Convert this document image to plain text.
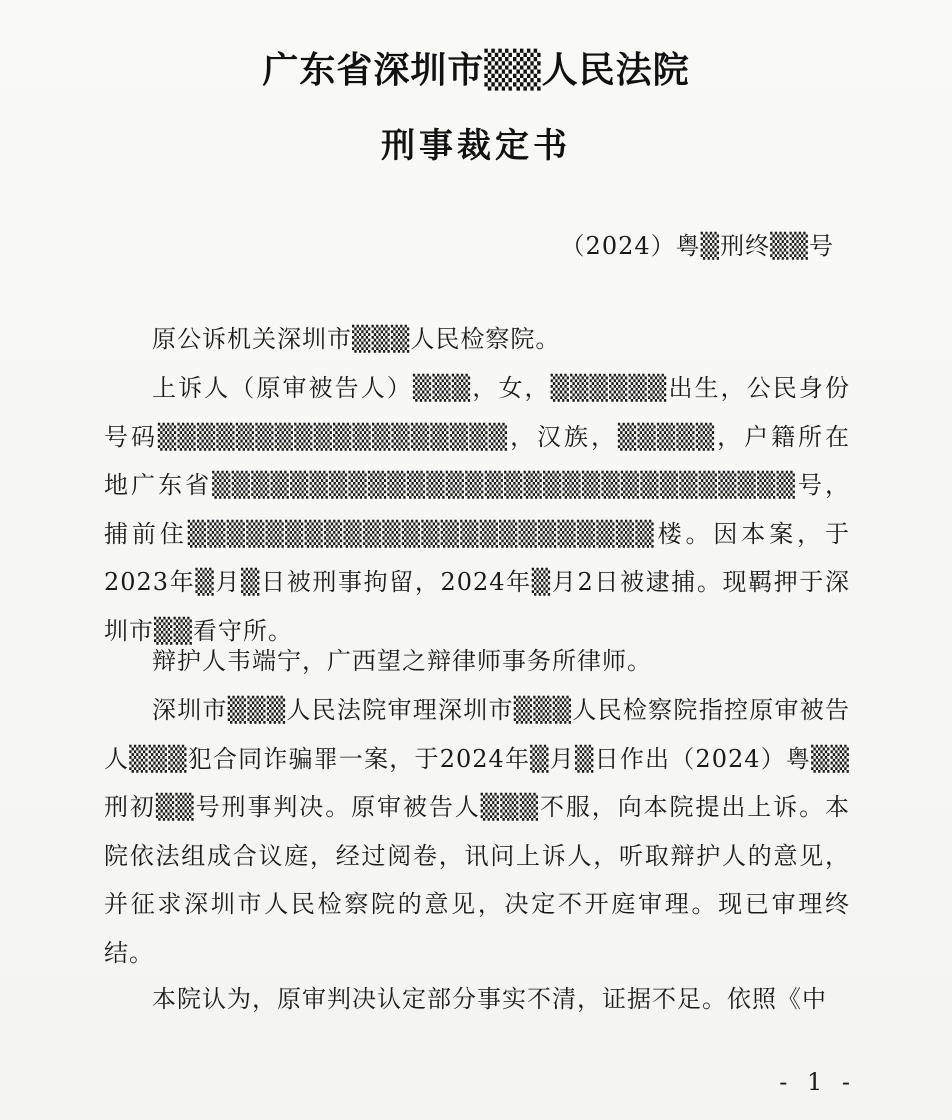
广东省深圳市▒▒人民法院
刑事裁定书
（2024）粤▒刑终▒▒号
原公诉机关深圳市▒▒▒人民检察院。
上诉人（原审被告人）▒▒▒，女，▒▒▒▒▒▒出生，公民身份号码▒▒▒▒▒▒▒▒▒▒▒▒▒▒▒▒▒▒，汉族，▒▒▒▒▒，户籍所在地广东省▒▒▒▒▒▒▒▒▒▒▒▒▒▒▒▒▒▒▒▒▒▒▒▒▒▒▒▒▒▒号，捕前住▒▒▒▒▒▒▒▒▒▒▒▒▒▒▒▒▒▒▒▒▒▒▒▒楼。因本案，于2023年▒月▒日被刑事拘留，2024年▒月2日被逮捕。现羁押于深圳市▒▒看守所。
辩护人韦端宁，广西望之辩律师事务所律师。
深圳市▒▒▒人民法院审理深圳市▒▒▒人民检察院指控原审被告人▒▒▒犯合同诈骗罪一案，于2024年▒月▒日作出（2024）粤▒▒刑初▒▒号刑事判决。原审被告人▒▒▒不服，向本院提出上诉。本院依法组成合议庭，经过阅卷，讯问上诉人，听取辩护人的意见，并征求深圳市人民检察院的意见，决定不开庭审理。现已审理终结。
本院认为，原审判决认定部分事实不清，证据不足。依照《中
- 1 -
